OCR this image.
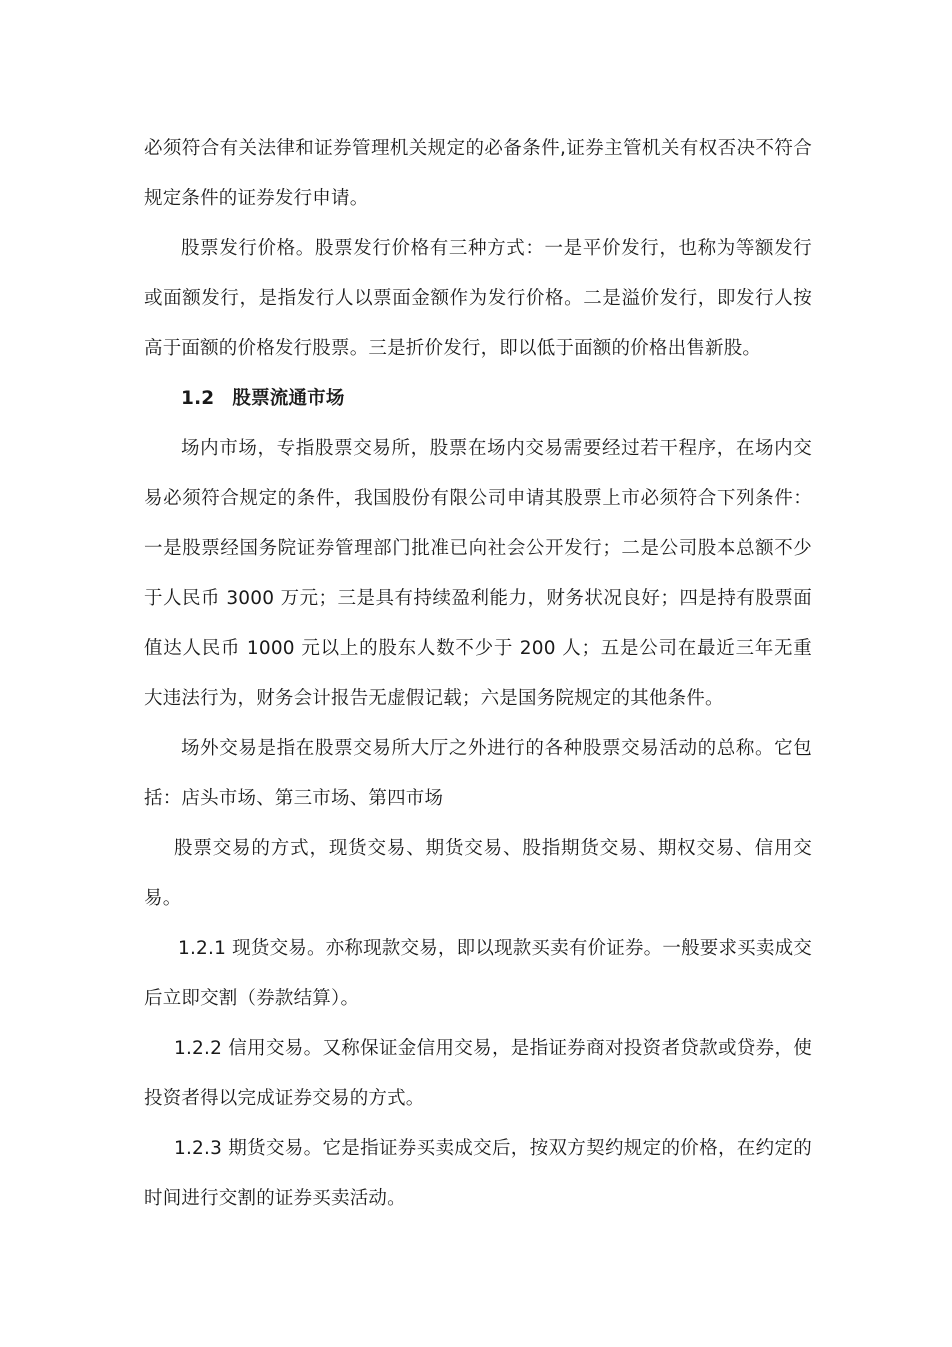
必须符合有关法律和证券管理机关规定的必备条件,证券主管机关有权否决不符合规定条件的证券发行申请。

股票发行价格。股票发行价格有三种方式：一是平价发行，也称为等额发行或面额发行，是指发行人以票面金额作为发行价格。二是溢价发行，即发行人按高于面额的价格发行股票。三是折价发行，即以低于面额的价格出售新股。

1.2 股票流通市场

场内市场，专指股票交易所，股票在场内交易需要经过若干程序，在场内交易必须符合规定的条件，我国股份有限公司申请其股票上市必须符合下列条件：一是股票经国务院证券管理部门批准已向社会公开发行；二是公司股本总额不少于人民币 3000 万元；三是具有持续盈利能力，财务状况良好；四是持有股票面值达人民币 1000 元以上的股东人数不少于 200 人；五是公司在最近三年无重大违法行为，财务会计报告无虚假记载；六是国务院规定的其他条件。

场外交易是指在股票交易所大厅之外进行的各种股票交易活动的总称。它包括：店头市场、第三市场、第四市场

股票交易的方式，现货交易、期货交易、股指期货交易、期权交易、信用交易。

1.2.1 现货交易。亦称现款交易，即以现款买卖有价证券。一般要求买卖成交后立即交割（券款结算）。

1.2.2 信用交易。又称保证金信用交易，是指证券商对投资者贷款或贷券，使投资者得以完成证券交易的方式。

1.2.3 期货交易。它是指证券买卖成交后，按双方契约规定的价格，在约定的时间进行交割的证券买卖活动。
